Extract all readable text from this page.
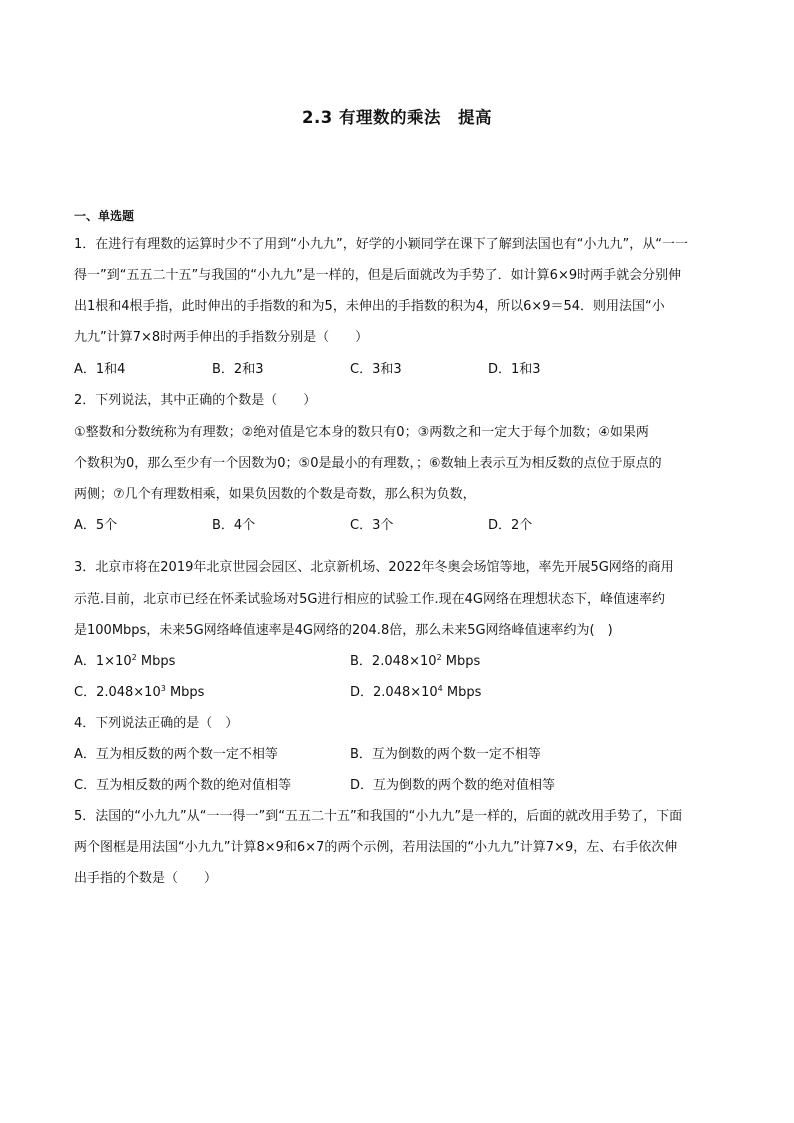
2.3 有理数的乘法　提高
一、单选题
1．在进行有理数的运算时少不了用到“小九九”，好学的小颖同学在课下了解到法国也有“小九九”，从“一一
得一”到“五五二十五”与我国的“小九九”是一样的，但是后面就改为手势了．如计算6×9时两手就会分别伸
出1根和4根手指，此时伸出的手指数的和为5，未伸出的手指数的积为4，所以6×9＝54．则用法国“小
九九”计算7×8时两手伸出的手指数分别是（　　）
A．1和4	B．2和3	C．3和3	D．1和3
2．下列说法，其中正确的个数是（　　）
①整数和分数统称为有理数；②绝对值是它本身的数只有0；③两数之和一定大于每个加数；④如果两
个数积为0，那么至少有一个因数为0；⑤0是最小的有理数，；⑥数轴上表示互为相反数的点位于原点的
两侧；⑦几个有理数相乘，如果负因数的个数是奇数，那么积为负数，
A．5个	B．4个	C．3个	D．2个
3．北京市将在2019年北京世园会园区、北京新机场、2022年冬奥会场馆等地，率先开展5G网络的商用
示范.目前，北京市已经在怀柔试验场对5G进行相应的试验工作.现在4G网络在理想状态下，峰值速率约
是100Mbps，未来5G网络峰值速率是4G网络的204.8倍，那么未来5G网络峰值速率约为(　)
A．$1\times 10^2$ Mbps	B．$2.048\times 10^2$ Mbps
C．$2.048\times 10^3$ Mbps	D．$2.048\times 10^4$ Mbps
4．下列说法正确的是（　）
A．互为相反数的两个数一定不相等	B．互为倒数的两个数一定不相等
C．互为相反数的两个数的绝对值相等	D．互为倒数的两个数的绝对值相等
5．法国的“小九九”从“一一得一”到“五五二十五”和我国的“小九九”是一样的，后面的就改用手势了，下面
两个图框是用法国“小九九”计算8×9和6×7的两个示例，若用法国的“小九九”计算7×9，左、右手依次伸
出手指的个数是（　　）
